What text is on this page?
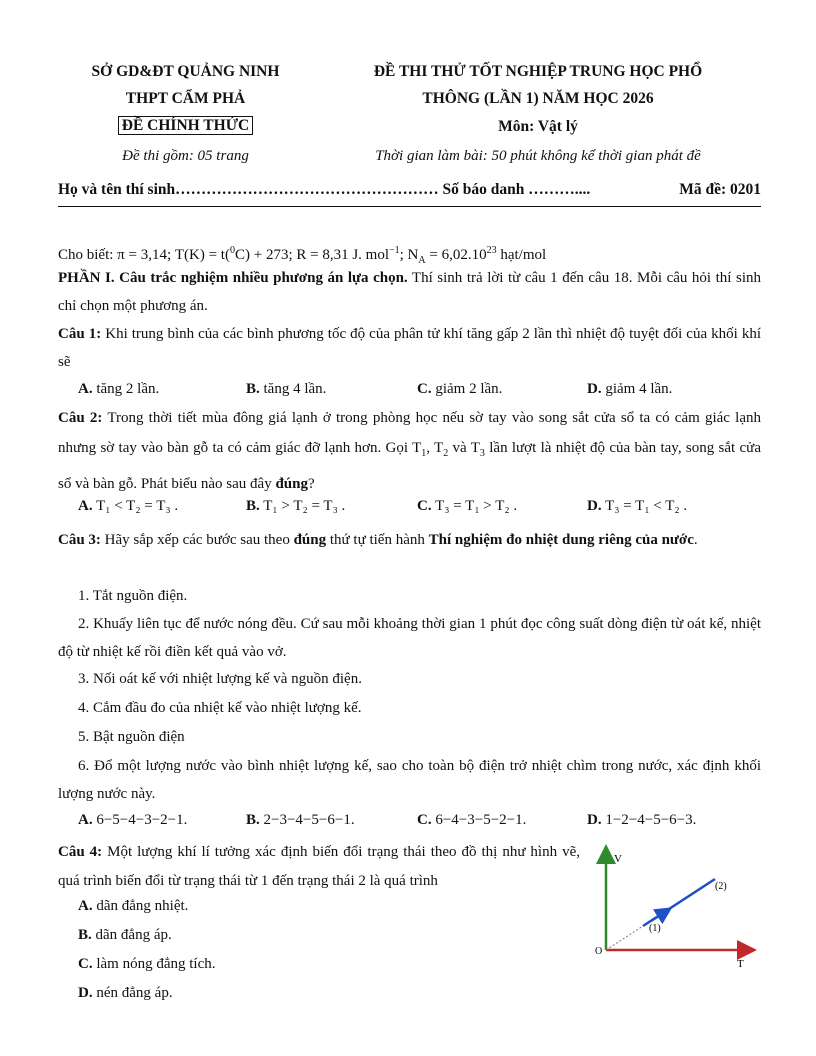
SỞ GD&ĐT QUẢNG NINH
THPT CẨM PHẢ
ĐỀ CHÍNH THỨC
Đề thi gồm: 05 trang
ĐỀ THI THỬ TỐT NGHIỆP TRUNG HỌC PHỔ
THÔNG (LẦN 1) NĂM HỌC 2026
Môn: Vật lý
Thời gian làm bài: 50 phút không kể thời gian phát đề
Họ và tên thí sinh…………………………………………… Số báo danh ………....	Mã đề: 0201
Cho biết: π = 3,14; T(K) = t($^0$C) + 273; R = 8,31 J. mol$^{-1}$; $N_A = 6,02.10^{23}$ hạt/mol
PHẦN I. Câu trắc nghiệm nhiều phương án lựa chọn. Thí sinh trả lời từ câu 1 đến câu 18. Mỗi câu hỏi thí sinh chỉ chọn một phương án.
Câu 1: Khi trung bình của các bình phương tốc độ của phân tử khí tăng gấp 2 lần thì nhiệt độ tuyệt đối của khối khí sẽ
A. tăng 2 lần.	B. tăng 4 lần.	C. giảm 2 lần.	D. giảm 4 lần.
Câu 2: Trong thời tiết mùa đông giá lạnh ở trong phòng học nếu sờ tay vào song sắt cửa sổ ta có cảm giác lạnh nhưng sờ tay vào bàn gỗ ta có cảm giác đỡ lạnh hơn. Gọi $T_1$, $T_2$ và $T_3$ lần lượt là nhiệt độ của bàn tay, song sắt cửa sổ và bàn gỗ. Phát biểu nào sau đây đúng?
A. T₁ < T₂ = T₃ .	B. T₁ > T₂ = T₃ .	C. T₃ = T₁ > T₂ .	D. T₃ = T₁ < T₂ .
Câu 3: Hãy sắp xếp các bước sau theo đúng thứ tự tiến hành Thí nghiệm đo nhiệt dung riêng của nước.
1. Tắt nguồn điện.
2. Khuấy liên tục để nước nóng đều. Cứ sau mỗi khoảng thời gian 1 phút đọc công suất dòng điện từ oát kế, nhiệt độ từ nhiệt kế rồi điền kết quả vào vở.
3. Nối oát kế với nhiệt lượng kế và nguồn điện.
4. Cắm đầu đo của nhiệt kế vào nhiệt lượng kế.
5. Bật nguồn điện
6. Đổ một lượng nước vào bình nhiệt lượng kế, sao cho toàn bộ điện trở nhiệt chìm trong nước, xác định khối lượng nước này.
A. 6−5−4−3−2−1.	B. 2−3−4−5−6−1.	C. 6−4−3−5−2−1.	D. 1−2−4−5−6−3.
Câu 4: Một lượng khí lí tưởng xác định biến đổi trạng thái theo đồ thị như hình vẽ, quá trình biến đổi từ trạng thái từ 1 đến trạng thái 2 là quá trình
A. dãn đẳng nhiệt.
B. dãn đẳng áp.
C. làm nóng đẳng tích.
D. nén đẳng áp.
V
T
O
(1)
(2)
